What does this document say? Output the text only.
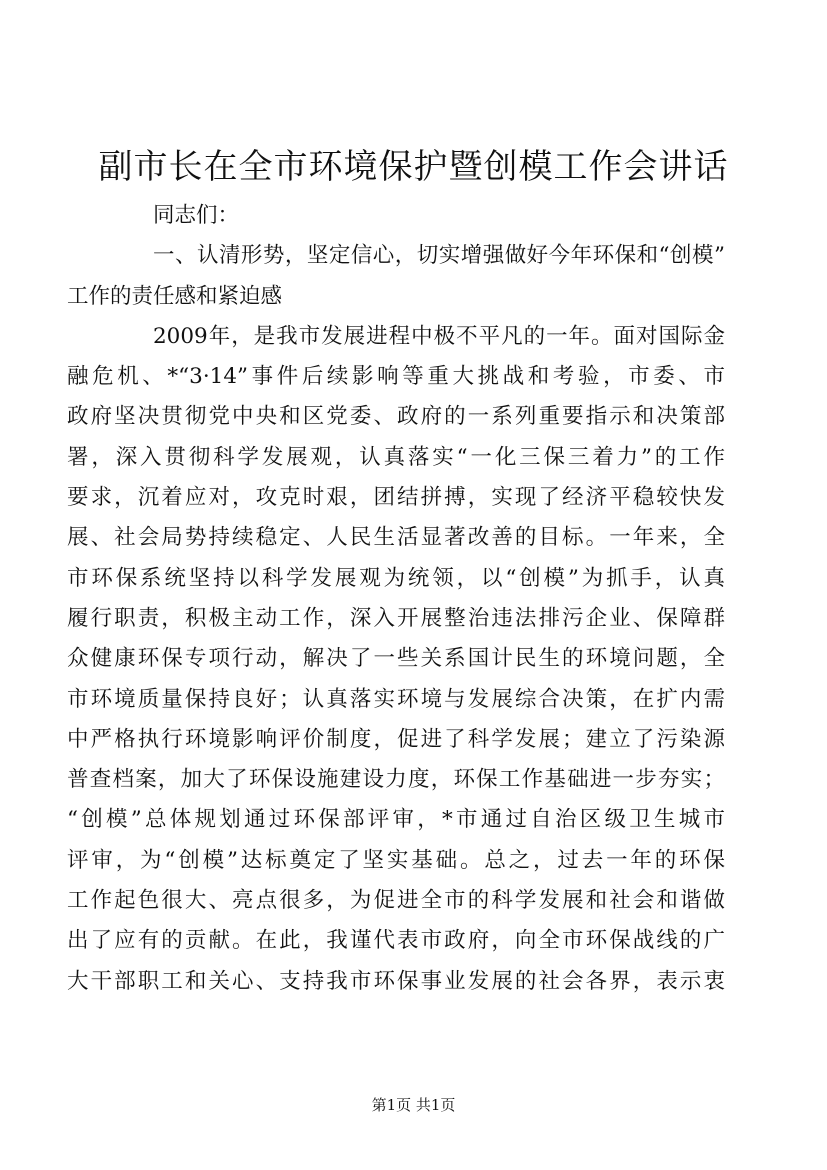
副市长在全市环境保护暨创模工作会讲话
同志们：
一、认清形势，坚定信心，切实增强做好今年环保和“创模”
工作的责任感和紧迫感
2009年，是我市发展进程中极不平凡的一年。面对国际金
融危机、*“3·14”事件后续影响等重大挑战和考验，市委、市
政府坚决贯彻党中央和区党委、政府的一系列重要指示和决策部
署，深入贯彻科学发展观，认真落实“一化三保三着力”的工作
要求，沉着应对，攻克时艰，团结拼搏，实现了经济平稳较快发
展、社会局势持续稳定、人民生活显著改善的目标。一年来，全
市环保系统坚持以科学发展观为统领，以“创模”为抓手，认真
履行职责，积极主动工作，深入开展整治违法排污企业、保障群
众健康环保专项行动，解决了一些关系国计民生的环境问题，全
市环境质量保持良好；认真落实环境与发展综合决策，在扩内需
中严格执行环境影响评价制度，促进了科学发展；建立了污染源
普查档案，加大了环保设施建设力度，环保工作基础进一步夯实；
“创模”总体规划通过环保部评审，*市通过自治区级卫生城市
评审，为“创模”达标奠定了坚实基础。总之，过去一年的环保
工作起色很大、亮点很多，为促进全市的科学发展和社会和谐做
出了应有的贡献。在此，我谨代表市政府，向全市环保战线的广
大干部职工和关心、支持我市环保事业发展的社会各界，表示衷
第1页 共1页
